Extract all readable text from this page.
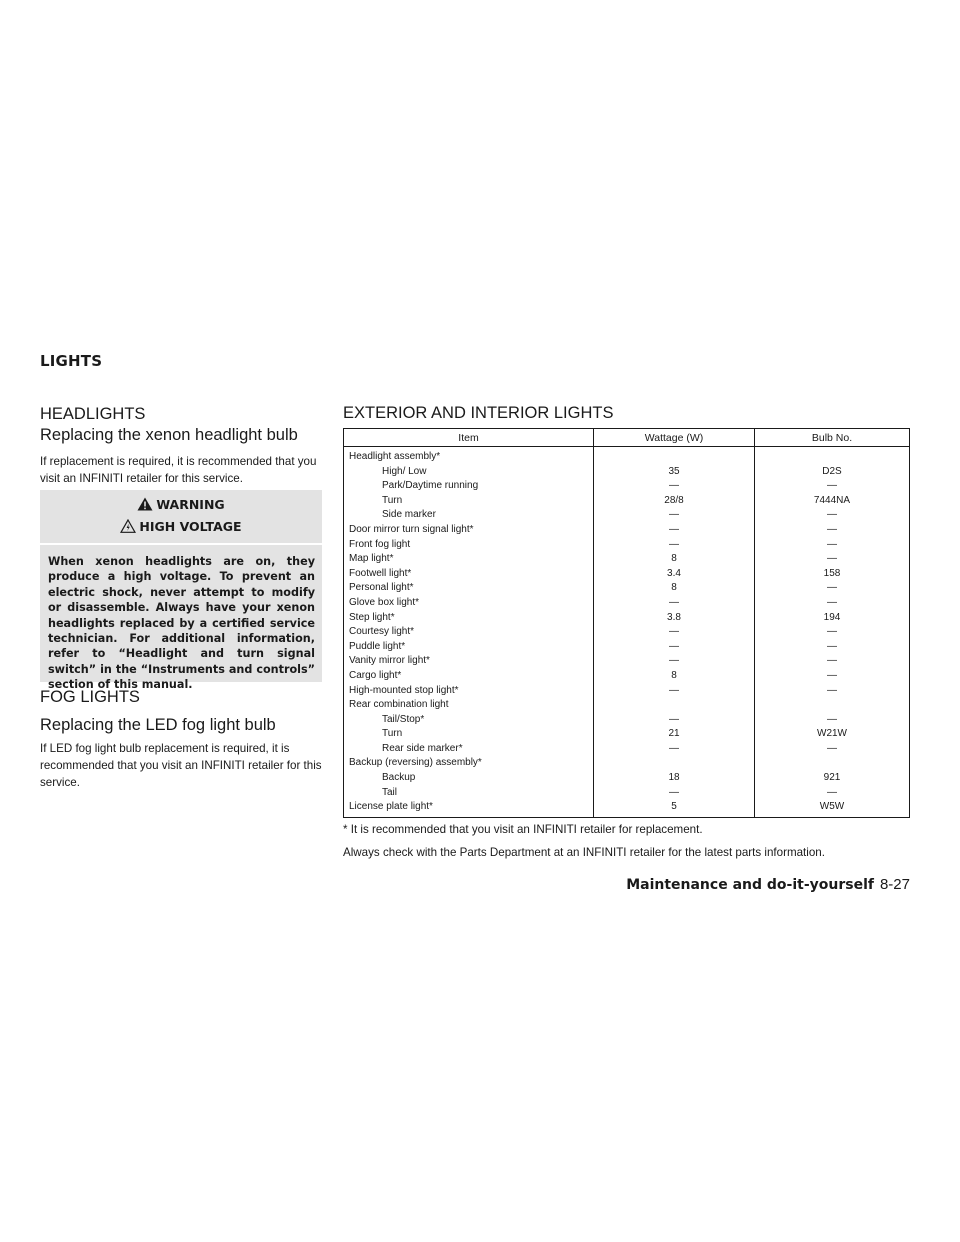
LIGHTS
HEADLIGHTS
Replacing the xenon headlight bulb
If replacement is required, it is recommended that you visit an INFINITI retailer for this service.
WARNING
HIGH VOLTAGE
When xenon headlights are on, they produce a high voltage. To prevent an electric shock, never attempt to modify or disassemble. Always have your xenon headlights replaced by a certified service technician. For additional information, refer to “Headlight and turn signal switch” in the “Instruments and controls” section of this manual.
FOG LIGHTS
Replacing the LED fog light bulb
If LED fog light bulb replacement is required, it is recommended that you visit an INFINITI retailer for this service.
EXTERIOR AND INTERIOR LIGHTS
Item	Wattage (W)	Bulb No.
Headlight assembly*		
High/ Low	35	D2S
Park/Daytime running	—	—
Turn	28/8	7444NA
Side marker	—	—
Door mirror turn signal light*	—	—
Front fog light	—	—
Map light*	8	—
Footwell light*	3.4	158
Personal light*	8	—
Glove box light*	—	—
Step light*	3.8	194
Courtesy light*	—	—
Puddle light*	—	—
Vanity mirror light*	—	—
Cargo light*	8	—
High-mounted stop light*	—	—
Rear combination light		
Tail/Stop*	—	—
Turn	21	W21W
Rear side marker*	—	—
Backup (reversing) assembly*		
Backup	18	921
Tail	—	—
License plate light*	5	W5W
* It is recommended that you visit an INFINITI retailer for replacement.
Always check with the Parts Department at an INFINITI retailer for the latest parts information.
Maintenance and do-it-yourself 8-27
